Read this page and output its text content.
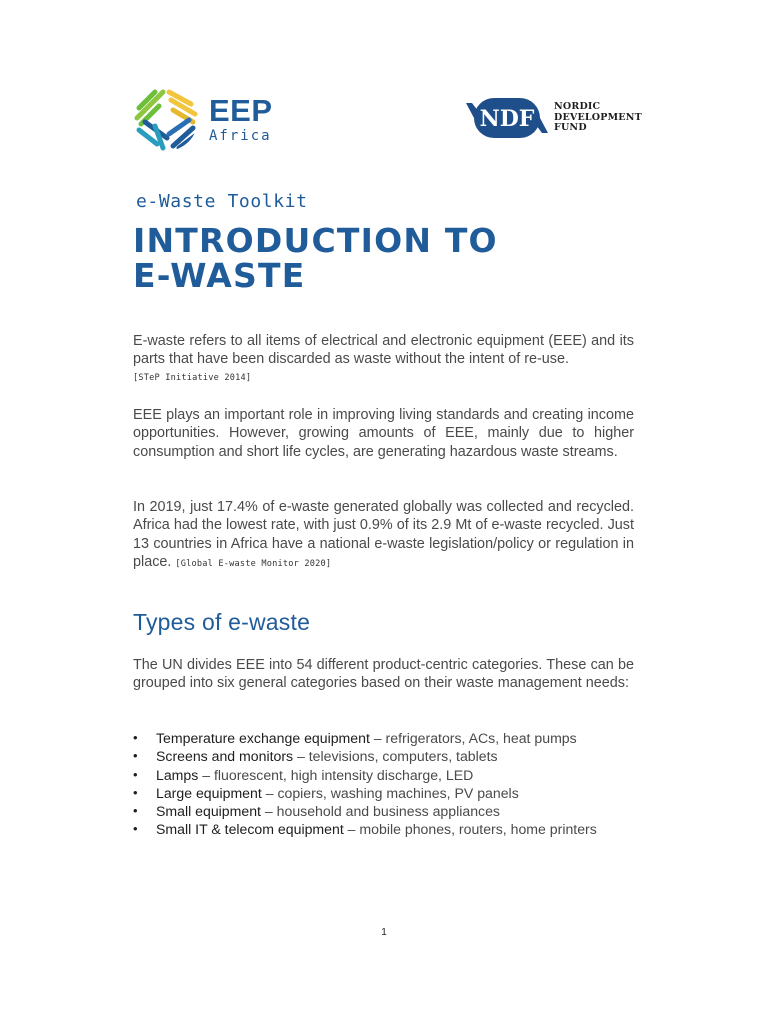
EEP
Africa
NDF NORDIC
DEVELOPMENT
FUND
e-Waste Toolkit
INTRODUCTION TO
E-WASTE

E-waste refers to all items of electrical and electronic equipment (EEE) and its parts that have been discarded as waste without the intent of re-use.
[STeP Initiative 2014]

EEE plays an important role in improving living standards and creating income opportunities. However, growing amounts of EEE, mainly due to higher consumption and short life cycles, are generating hazardous waste streams.

In 2019, just 17.4% of e-waste generated globally was collected and recycled. Africa had the lowest rate, with just 0.9% of its 2.9 Mt of e-waste recycled. Just 13 countries in Africa have a national e-waste legislation/policy or regulation in place. [Global E-waste Monitor 2020]

Types of e-waste

The UN divides EEE into 54 different product-centric categories. These can be grouped into six general categories based on their waste management needs:

•	Temperature exchange equipment – refrigerators, ACs, heat pumps
•	Screens and monitors – televisions, computers, tablets
•	Lamps – fluorescent, high intensity discharge, LED
•	Large equipment – copiers, washing machines, PV panels
•	Small equipment – household and business appliances
•	Small IT & telecom equipment – mobile phones, routers, home printers
1
